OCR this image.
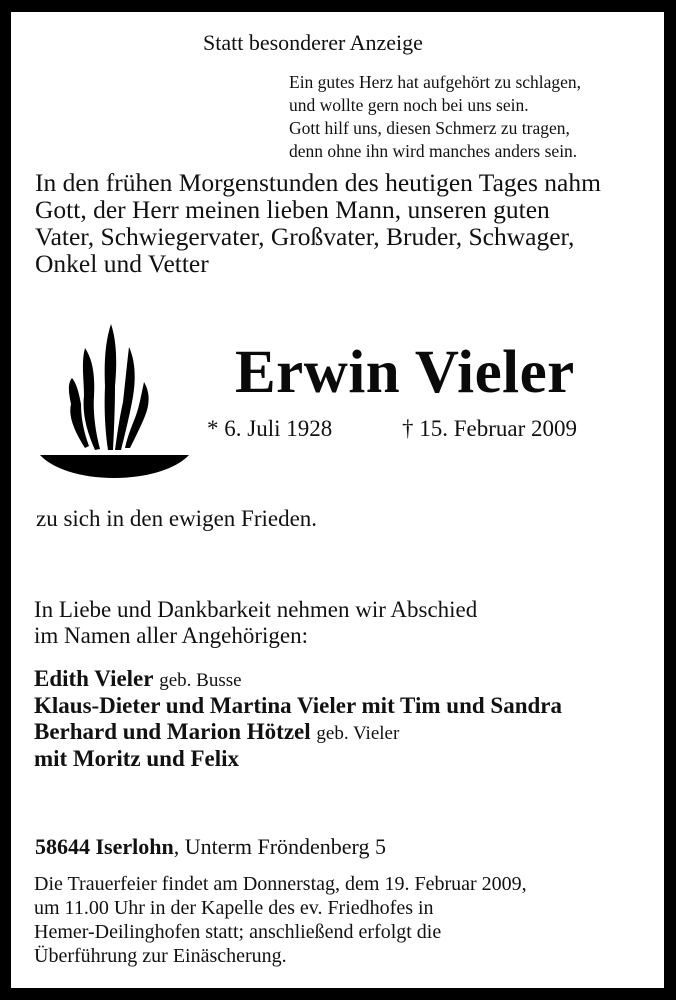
Statt besonderer Anzeige
Ein gutes Herz hat aufgehört zu schlagen,
und wollte gern noch bei uns sein.
Gott hilf uns, diesen Schmerz zu tragen,
denn ohne ihn wird manches anders sein.
In den frühen Morgenstunden des heutigen Tages nahm
Gott, der Herr meinen lieben Mann, unseren guten
Vater, Schwiegervater, Großvater, Bruder, Schwager,
Onkel und Vetter
Erwin Vieler
* 6. Juli 1928	† 15. Februar 2009
zu sich in den ewigen Frieden.
In Liebe und Dankbarkeit nehmen wir Abschied
im Namen aller Angehörigen:
Edith Vieler geb. Busse
Klaus-Dieter und Martina Vieler mit Tim und Sandra
Berhard und Marion Hötzel geb. Vieler
mit Moritz und Felix
58644 Iserlohn, Unterm Fröndenberg 5
Die Trauerfeier findet am Donnerstag, dem 19. Februar 2009,
um 11.00 Uhr in der Kapelle des ev. Friedhofes in
Hemer-Deilinghofen statt; anschließend erfolgt die
Überführung zur Einäscherung.
